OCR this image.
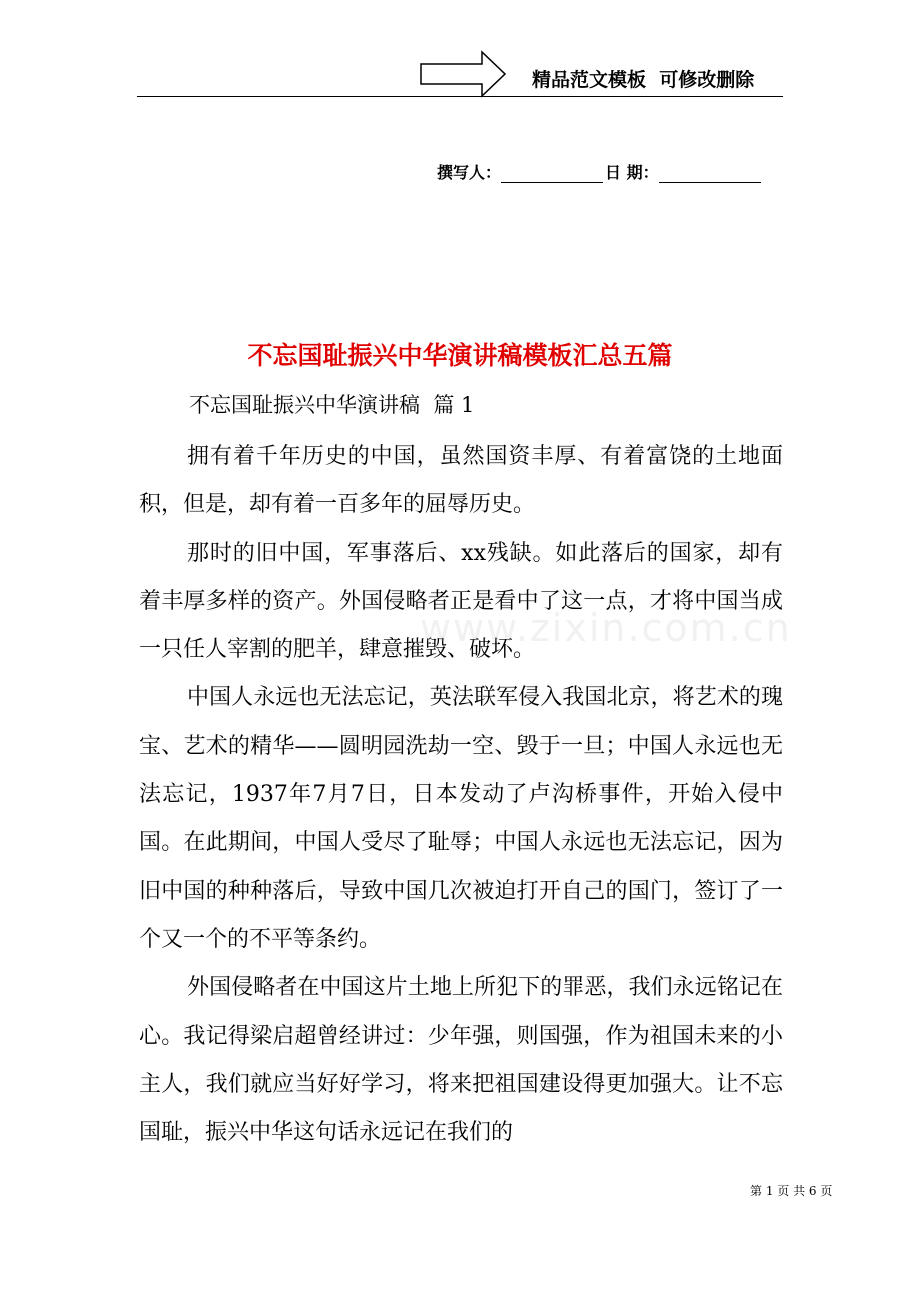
精品范文模板  可修改删除

撰写人：	日 期：
不忘国耻振兴中华演讲稿模板汇总五篇

不忘国耻振兴中华演讲稿  篇 1

拥有着千年历史的中国，虽然国资丰厚、有着富饶的土地面积，但是，却有着一百多年的屈辱历史。

那时的旧中国，军事落后、xx残缺。如此落后的国家，却有着丰厚多样的资产。外国侵略者正是看中了这一点，才将中国当成一只任人宰割的肥羊，肆意摧毁、破坏。

中国人永远也无法忘记，英法联军侵入我国北京，将艺术的瑰宝、艺术的精华——圆明园洗劫一空、毁于一旦；中国人永远也无法忘记，1937年7月7日，日本发动了卢沟桥事件，开始入侵中国。在此期间，中国人受尽了耻辱；中国人永远也无法忘记，因为旧中国的种种落后，导致中国几次被迫打开自己的国门，签订了一个又一个的不平等条约。

外国侵略者在中国这片土地上所犯下的罪恶，我们永远铭记在心。我记得梁启超曾经讲过：少年强，则国强，作为祖国未来的小主人，我们就应当好好学习，将来把祖国建设得更加强大。让不忘国耻，振兴中华这句话永远记在我们的

www.zixin.com.cn
第 1 页 共 6 页
